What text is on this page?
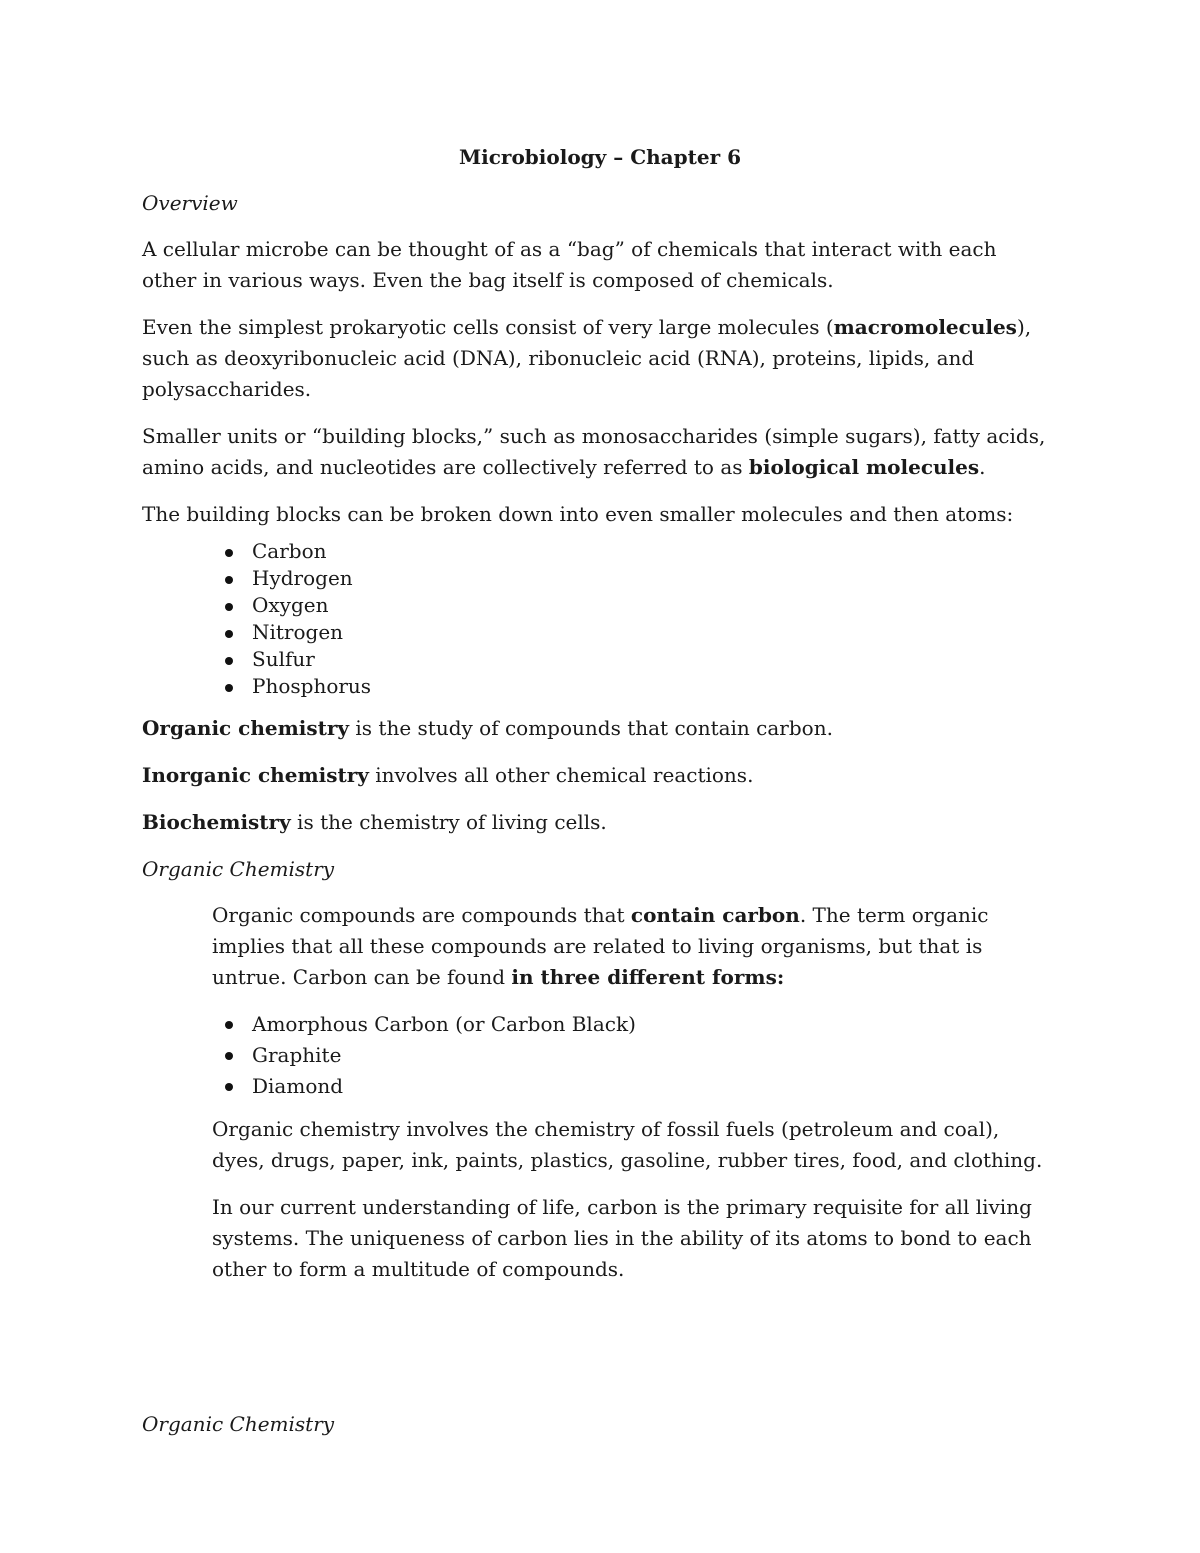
Microbiology – Chapter 6
Overview

A cellular microbe can be thought of as a “bag” of chemicals that interact with each other in various ways. Even the bag itself is composed of chemicals.

Even the simplest prokaryotic cells consist of very large molecules (macromolecules), such as deoxyribonucleic acid (DNA), ribonucleic acid (RNA), proteins, lipids, and polysaccharides.

Smaller units or “building blocks,” such as monosaccharides (simple sugars), fatty acids, amino acids, and nucleotides are collectively referred to as biological molecules.

The building blocks can be broken down into even smaller molecules and then atoms:

Carbon
Hydrogen
Oxygen
Nitrogen
Sulfur
Phosphorus

Organic chemistry is the study of compounds that contain carbon.

Inorganic chemistry involves all other chemical reactions.

Biochemistry is the chemistry of living cells.

Organic Chemistry

Organic compounds are compounds that contain carbon. The term organic implies that all these compounds are related to living organisms, but that is untrue. Carbon can be found in three different forms:

Amorphous Carbon (or Carbon Black)
Graphite
Diamond

Organic chemistry involves the chemistry of fossil fuels (petroleum and coal), dyes, drugs, paper, ink, paints, plastics, gasoline, rubber tires, food, and clothing.

In our current understanding of life, carbon is the primary requisite for all living systems. The uniqueness of carbon lies in the ability of its atoms to bond to each other to form a multitude of compounds.

Organic Chemistry
